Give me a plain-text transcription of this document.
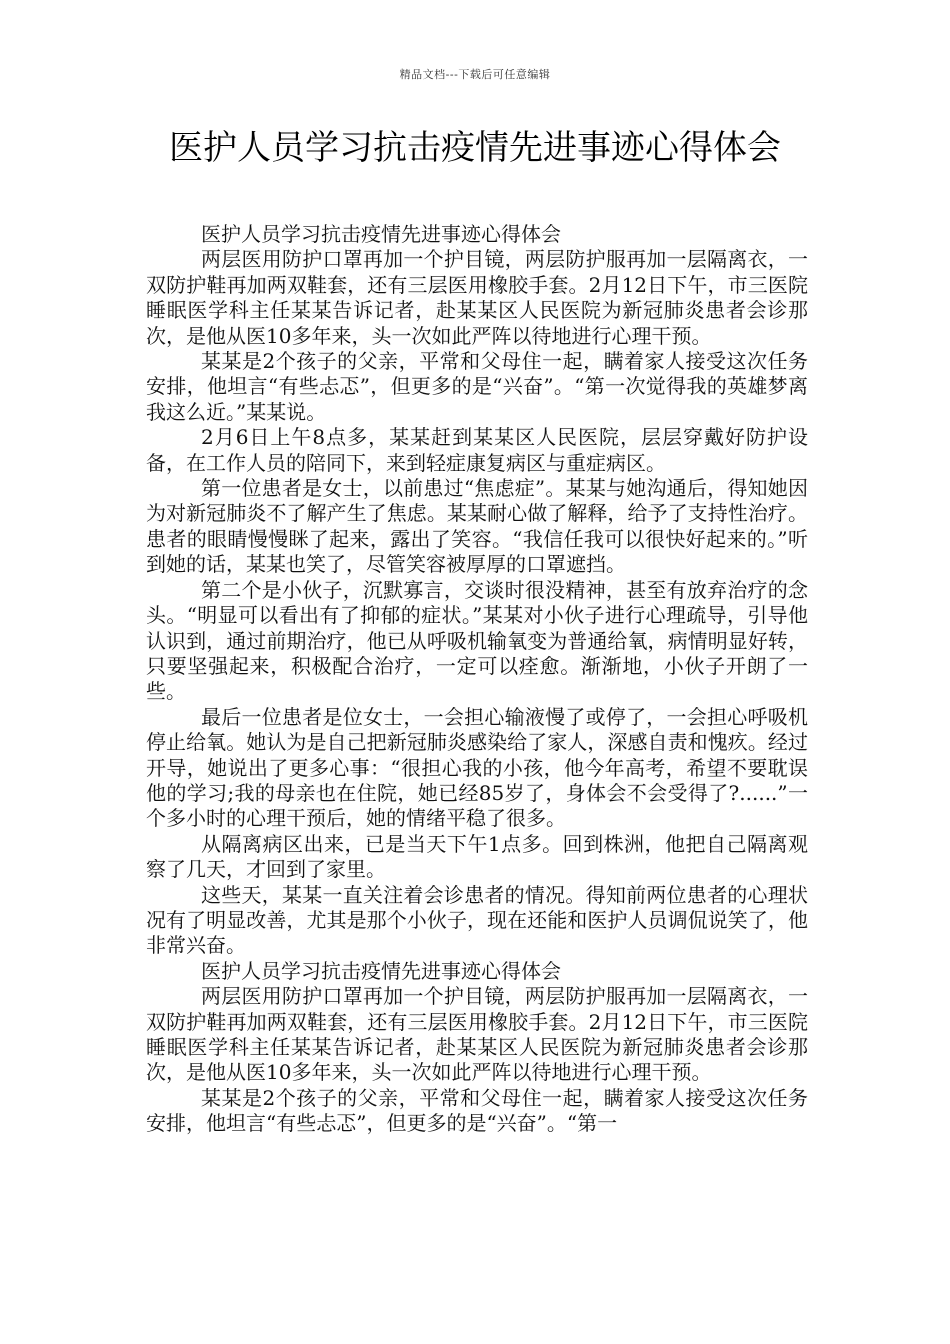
精品文档---下载后可任意编辑
医护人员学习抗击疫情先进事迹心得体会

医护人员学习抗击疫情先进事迹心得体会

两层医用防护口罩再加一个护目镜，两层防护服再加一层隔离衣，一双防护鞋再加两双鞋套，还有三层医用橡胶手套。2月12日下午，市三医院睡眠医学科主任某某告诉记者，赴某某区人民医院为新冠肺炎患者会诊那次，是他从医10多年来，头一次如此严阵以待地进行心理干预。

某某是2个孩子的父亲，平常和父母住一起，瞒着家人接受这次任务安排，他坦言“有些忐忑”，但更多的是“兴奋”。“第一次觉得我的英雄梦离我这么近。”某某说。

2月6日上午8点多，某某赶到某某区人民医院，层层穿戴好防护设备，在工作人员的陪同下，来到轻症康复病区与重症病区。

第一位患者是女士，以前患过“焦虑症”。某某与她沟通后，得知她因为对新冠肺炎不了解产生了焦虑。某某耐心做了解释，给予了支持性治疗。患者的眼睛慢慢眯了起来，露出了笑容。“我信任我可以很快好起来的。”听到她的话，某某也笑了，尽管笑容被厚厚的口罩遮挡。

第二个是小伙子，沉默寡言，交谈时很没精神，甚至有放弃治疗的念头。“明显可以看出有了抑郁的症状。”某某对小伙子进行心理疏导，引导他认识到，通过前期治疗，他已从呼吸机输氧变为普通给氧，病情明显好转，只要坚强起来，积极配合治疗，一定可以痊愈。渐渐地，小伙子开朗了一些。

最后一位患者是位女士，一会担心输液慢了或停了，一会担心呼吸机停止给氧。她认为是自己把新冠肺炎感染给了家人，深感自责和愧疚。经过开导，她说出了更多心事：“很担心我的小孩，他今年高考，希望不要耽误他的学习;我的母亲也在住院，她已经85岁了，身体会不会受得了?......”一个多小时的心理干预后，她的情绪平稳了很多。

从隔离病区出来，已是当天下午1点多。回到株洲，他把自己隔离观察了几天，才回到了家里。

这些天，某某一直关注着会诊患者的情况。得知前两位患者的心理状况有了明显改善，尤其是那个小伙子，现在还能和医护人员调侃说笑了，他非常兴奋。

医护人员学习抗击疫情先进事迹心得体会

两层医用防护口罩再加一个护目镜，两层防护服再加一层隔离衣，一双防护鞋再加两双鞋套，还有三层医用橡胶手套。2月12日下午，市三医院睡眠医学科主任某某告诉记者，赴某某区人民医院为新冠肺炎患者会诊那次，是他从医10多年来，头一次如此严阵以待地进行心理干预。

某某是2个孩子的父亲，平常和父母住一起，瞒着家人接受这次任务安排，他坦言“有些忐忑”，但更多的是“兴奋”。“第一
